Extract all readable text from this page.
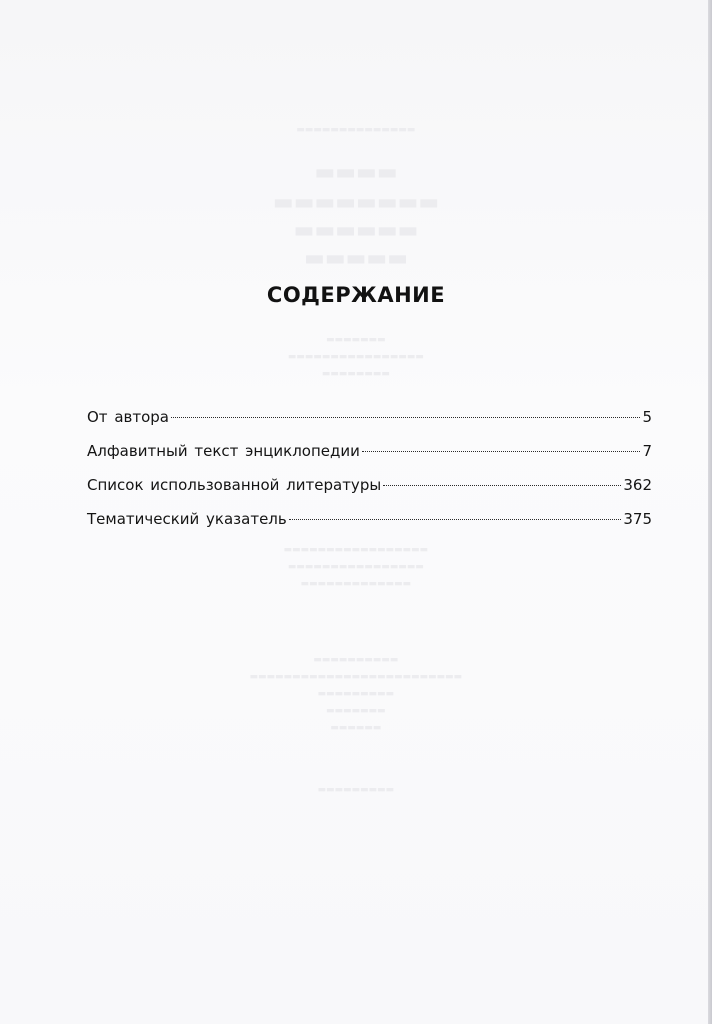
▬▬▬▬▬▬▬▬▬▬▬▬▬▬
▬▬▬▬
▬▬▬▬▬▬▬▬
▬▬▬▬▬▬
▬▬▬▬▬
▬▬▬▬▬▬▬
▬▬▬▬▬▬▬▬▬▬▬▬▬▬▬▬
▬▬▬▬▬▬▬▬
▬▬▬▬▬▬▬▬▬▬▬▬▬▬▬▬▬
▬▬▬▬▬▬▬▬▬▬▬▬▬▬▬▬
▬▬▬▬▬▬▬▬▬▬▬▬▬
▬▬▬▬▬▬▬▬▬▬
▬▬▬▬▬▬▬▬▬▬▬▬▬▬▬▬▬▬▬▬▬▬▬▬▬
▬▬▬▬▬▬▬▬▬
▬▬▬▬▬▬▬
▬▬▬▬▬▬
▬▬▬▬▬▬▬▬▬
СОДЕРЖАНИЕ
От автора	5
Алфавитный текст энциклопедии	7
Список использованной литературы	362
Тематический указатель	375
